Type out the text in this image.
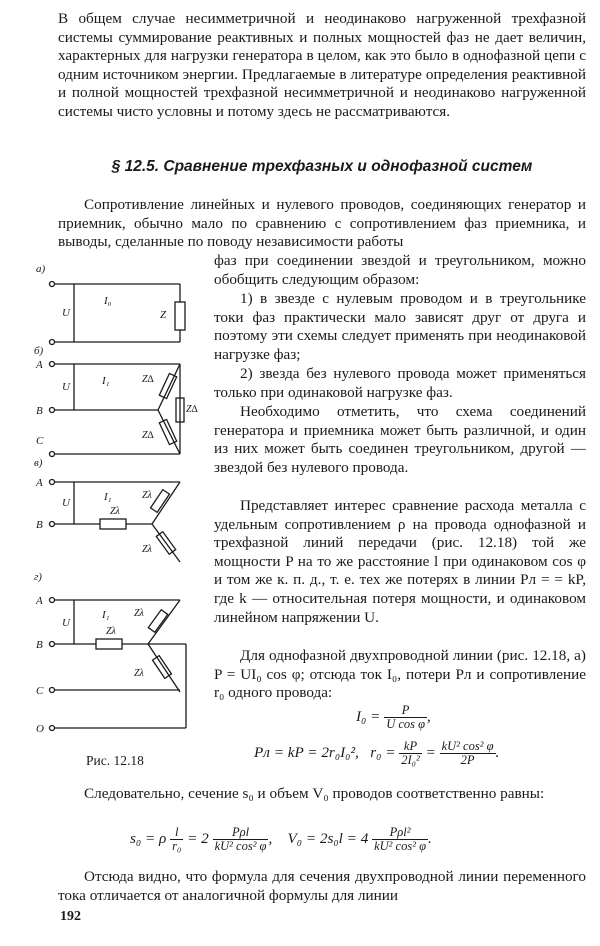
В общем случае несимметричной и неодинаково нагруженной трехфазной системы суммирование реактивных и полных мощностей фаз не дает величин, характерных для нагрузки генератора в целом, как это было в однофазной цепи с одним источником энергии. Предлагаемые в литературе определения реактивной и полной мощностей трехфазной несимметричной и неодинаково нагруженной системы чисто условны и потому здесь не рассматриваются.

§ 12.5. Сравнение трехфазных и однофазной систем

Сопротивление линейных и нулевого проводов, соединяющих генератор и приемник, обычно мало по сравнению с сопротивлением фаз приемника, и выводы, сделанные по поводу независимости работы

фаз при соединении звездой и треугольником, можно обобщить следующим образом:

1) в звезде с нулевым проводом и в треугольнике токи фаз практически мало зависят друг от друга и поэтому эти схемы следует применять при неодинаковой нагрузке фаз;

2) звезда без нулевого провода может применяться только при одинаковой нагрузке фаз.

Необходимо отметить, что схема соединений генератора и приемника может быть различной, и один из них может быть соединен треугольником, другой — звездой без нулевого провода.

Представляет интерес сравнение расхода металла с удельным сопротивлением ρ на провода однофазной и трехфазной линий передачи (рис. 12.18) той же мощности P на то же расстояние l при одинаковом cos φ и том же к. п. д., т. е. тех же потерях в линии Pл = = kP, где k — относительная потеря мощности, и одинаковом линейном напряжении U.

Для однофазной двухпроводной линии (рис. 12.18, а) P = UI₀ cos φ; отсюда ток I₀, потери Pл и сопротивление r₀ одного провода:

$I_0 = \frac{P}{\text{U cos φ}}$ ,
Pл = kP = 2r₀I₀², $r_0 = \frac{kP}{\text{2I₀²}} = \frac{\text{kU² cos² φ}}{2P}$ .

Следовательно, сечение s₀ и объем V₀ проводов соответственно равны:

s₀ = ρ $\frac{l}{\text{r₀}} = 2 \frac{\text{Pρl}}{\text{kU² cos² φ}}$ , $V_0 = 2s_0l = 4 \frac{\text{Pρl²}}{\text{kU² cos² φ}}$ .

Отсюда видно, что формула для сечения двухпроводной линии переменного тока отличается от аналогичной формулы для линии

а)
U
I₀
Z
б)
A
B
C
U	I₁	Z∆
Z∆
Z∆
в)
A
B
U	I₁
Zλ
Zλ
Zλ
г)
A
B
C
O
U
I₁
Zλ
Zλ
Zλ
Рис. 12.18
192
